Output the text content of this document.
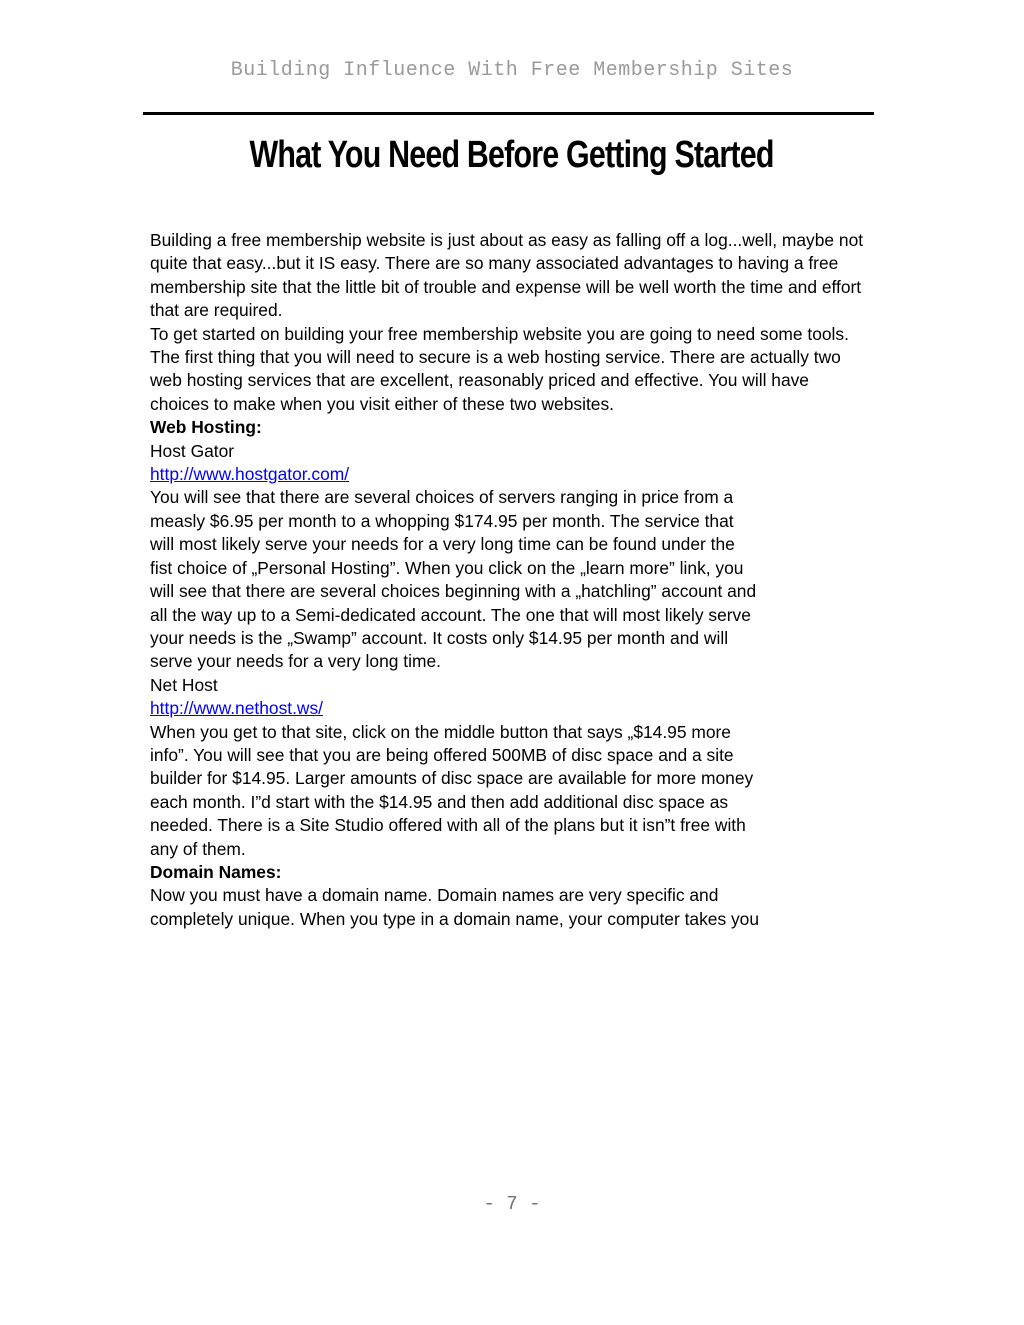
Building Influence With Free Membership Sites
What You Need Before Getting Started

Building a free membership website is just about as easy as falling off a log...well, maybe not quite that easy...but it IS easy. There are so many associated advantages to having a free membership site that the little bit of trouble and expense will be well worth the time and effort that are required.

To get started on building your free membership website you are going to need some tools. The first thing that you will need to secure is a web hosting service. There are actually two web hosting services that are excellent, reasonably priced and effective. You will have choices to make when you visit either of these two websites.

Web Hosting:

Host Gator

http://www.hostgator.com/

You will see that there are several choices of servers ranging in price from a measly $6.95 per month to a whopping $174.95 per month. The service that will most likely serve your needs for a very long time can be found under the fist choice of „Personal Hosting”. When you click on the „learn more” link, you will see that there are several choices beginning with a „hatchling” account and all the way up to a Semi-dedicated account. The one that will most likely serve your needs is the „Swamp” account. It costs only $14.95 per month and will serve your needs for a very long time.

Net Host

http://www.nethost.ws/

When you get to that site, click on the middle button that says „$14.95 more info”. You will see that you are being offered 500MB of disc space and a site builder for $14.95. Larger amounts of disc space are available for more money each month. I”d start with the $14.95 and then add additional disc space as needed. There is a Site Studio offered with all of the plans but it isn”t free with any of them.

Domain Names:

Now you must have a domain name. Domain names are very specific and completely unique. When you type in a domain name, your computer takes you

- 7 -
